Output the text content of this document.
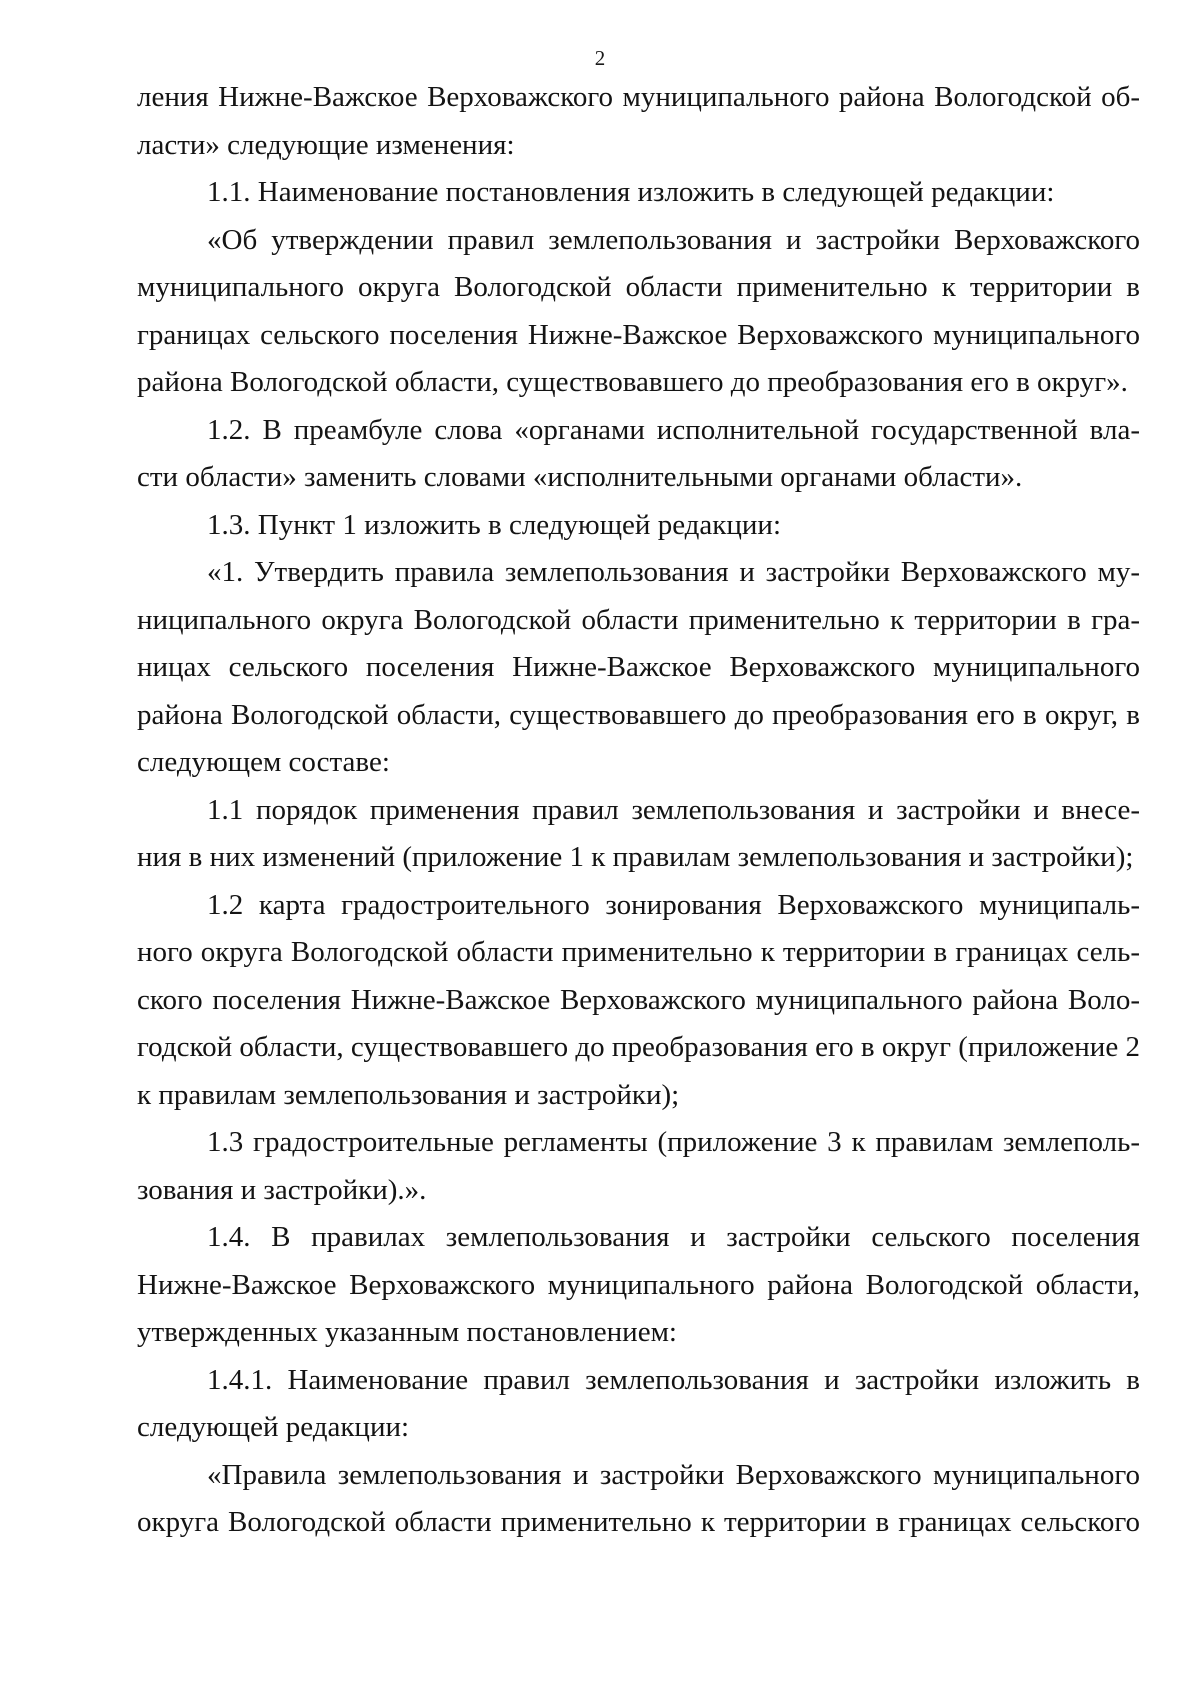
2

ления Нижне-Важское Верховажского муниципального района Вологодской об-

ласти» следующие изменения:

1.1. Наименование постановления изложить в следующей редакции:

«Об утверждении правил землепользования и застройки Верховажского

муниципального округа Вологодской области применительно к территории в

границах сельского поселения Нижне-Важское Верховажского муниципального

района Вологодской области, существовавшего до преобразования его в округ».

1.2. В преамбуле слова «органами исполнительной государственной вла-

сти области» заменить словами «исполнительными органами области».

1.3. Пункт 1 изложить в следующей редакции:

«1. Утвердить правила землепользования и застройки Верховажского му-

ниципального округа Вологодской области применительно к территории в гра-

ницах сельского поселения Нижне-Важское Верховажского муниципального

района Вологодской области, существовавшего до преобразования его в округ, в

следующем составе:

1.1 порядок применения правил землепользования и застройки и внесе-

ния в них изменений (приложение 1 к правилам землепользования и застройки);

1.2 карта градостроительного зонирования Верховажского муниципаль-

ного округа Вологодской области применительно к территории в границах сель-

ского поселения Нижне-Важское Верховажского муниципального района Воло-

годской области, существовавшего до преобразования его в округ (приложение 2

к правилам землепользования и застройки);

1.3 градостроительные регламенты (приложение 3 к правилам землеполь-

зования и застройки).».

1.4. В правилах землепользования и застройки сельского поселения

Нижне-Важское Верховажского муниципального района Вологодской области,

утвержденных указанным постановлением:

1.4.1. Наименование правил землепользования и застройки изложить в

следующей редакции:

«Правила землепользования и застройки Верховажского муниципального

округа Вологодской области применительно к территории в границах сельского
